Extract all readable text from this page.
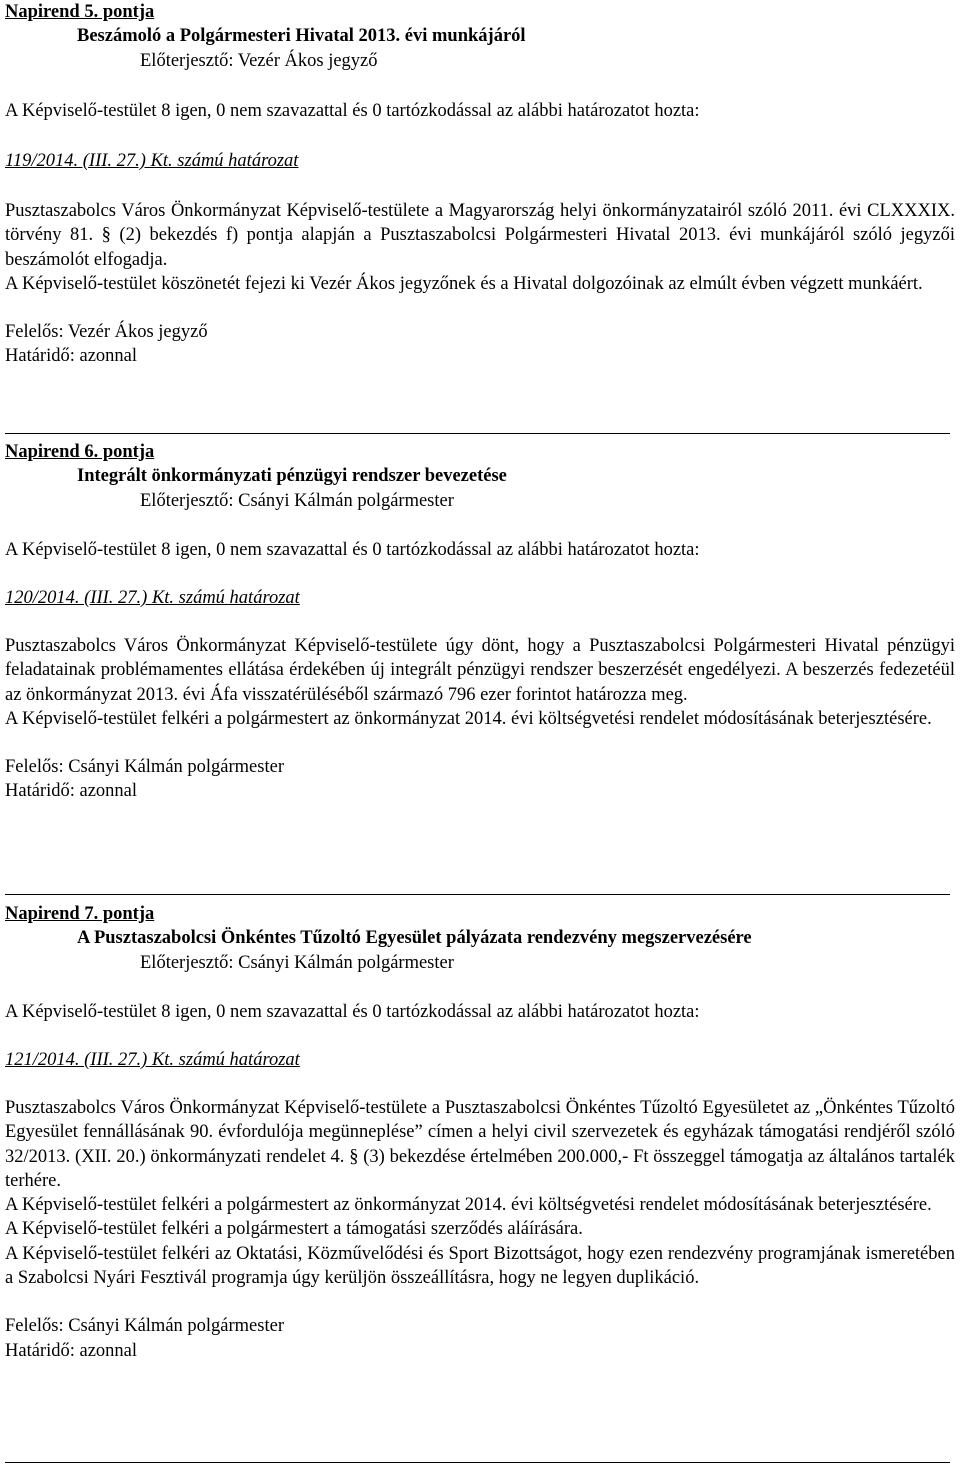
Napirend 5. pontja

Beszámoló a Polgármesteri Hivatal 2013. évi munkájáról

Előterjesztő: Vezér Ákos jegyző

A Képviselő-testület 8 igen, 0 nem szavazattal és 0 tartózkodással az alábbi határozatot hozta:

119/2014. (III. 27.) Kt. számú határozat

Pusztaszabolcs Város Önkormányzat Képviselő-testülete a Magyarország helyi önkormányzatairól szóló 2011. évi CLXXXIX. törvény 81. § (2) bekezdés f) pontja alapján a Pusztaszabolcsi Polgármesteri Hivatal 2013. évi munkájáról szóló jegyzői beszámolót elfogadja.

A Képviselő-testület köszönetét fejezi ki Vezér Ákos jegyzőnek és a Hivatal dolgozóinak az elmúlt évben végzett munkáért.

Felelős: Vezér Ákos jegyző

Határidő: azonnal

Napirend 6. pontja

Integrált önkormányzati pénzügyi rendszer bevezetése

Előterjesztő: Csányi Kálmán polgármester

A Képviselő-testület 8 igen, 0 nem szavazattal és 0 tartózkodással az alábbi határozatot hozta:

120/2014. (III. 27.) Kt. számú határozat

Pusztaszabolcs Város Önkormányzat Képviselő-testülete úgy dönt, hogy a Pusztaszabolcsi Polgármesteri Hivatal pénzügyi feladatainak problémamentes ellátása érdekében új integrált pénzügyi rendszer beszerzését engedélyezi. A beszerzés fedezetéül az önkormányzat 2013. évi Áfa visszatérüléséből származó 796 ezer forintot határozza meg.

A Képviselő-testület felkéri a polgármestert az önkormányzat 2014. évi költségvetési rendelet módosításának beterjesztésére.

Felelős: Csányi Kálmán polgármester

Határidő: azonnal

Napirend 7. pontja

A Pusztaszabolcsi Önkéntes Tűzoltó Egyesület pályázata rendezvény megszervezésére

Előterjesztő: Csányi Kálmán polgármester

A Képviselő-testület 8 igen, 0 nem szavazattal és 0 tartózkodással az alábbi határozatot hozta:

121/2014. (III. 27.) Kt. számú határozat

Pusztaszabolcs Város Önkormányzat Képviselő-testülete a Pusztaszabolcsi Önkéntes Tűzoltó Egyesületet az „Önkéntes Tűzoltó Egyesület fennállásának 90. évfordulója megünneplése” címen a helyi civil szervezetek és egyházak támogatási rendjéről szóló 32/2013. (XII. 20.) önkormányzati rendelet 4. § (3) bekezdése értelmében 200.000,- Ft összeggel támogatja az általános tartalék terhére.

A Képviselő-testület felkéri a polgármestert az önkormányzat 2014. évi költségvetési rendelet módosításának beterjesztésére.

A Képviselő-testület felkéri a polgármestert a támogatási szerződés aláírására.

A Képviselő-testület felkéri az Oktatási, Közművelődési és Sport Bizottságot, hogy ezen rendezvény programjának ismeretében a Szabolcsi Nyári Fesztivál programja úgy kerüljön összeállításra, hogy ne legyen duplikáció.

Felelős: Csányi Kálmán polgármester

Határidő: azonnal
